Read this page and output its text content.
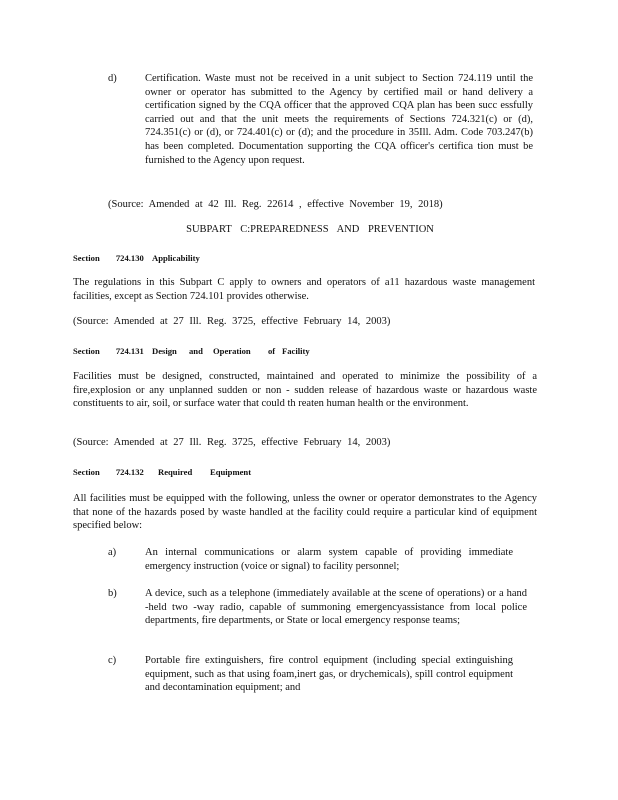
d)	Certification. Waste must not be received in a unit subject to Section 724.119 until the owner or operator has submitted to the Agency by certified mail or hand delivery a certification signed by the CQA officer that the approved CQA plan has been succ essfully carried out and that the unit meets the requirements of Sections 724.321(c) or (d), 724.351(c) or (d), or 724.401(c) or (d); and the procedure in 35Ill. Adm. Code 703.247(b) has been completed. Documentation supporting the CQA officer's certifica tion must be furnished to the Agency upon request.

(Source: Amended at 42 Ill. Reg. 22614 , effective November 19, 2018)

SUBPART C:PREPAREDNESS AND PREVENTION

Section 724.130 Applicability

The regulations in this Subpart C apply to owners and operators of a11 hazardous waste management facilities, except as Section 724.101 provides otherwise.

(Source: Amended at 27 Ill. Reg. 3725, effective February 14, 2003)

Section 724.131 Design and Operation of Facility

Facilities must be designed, constructed, maintained and operated to minimize the possibility of a fire,explosion or any unplanned sudden or non - sudden release of hazardous waste or hazardous waste constituents to air, soil, or surface water that could th reaten human health or the environment.

(Source: Amended at 27 Ill. Reg. 3725, effective February 14, 2003)

Section 724.132 Required Equipment

All facilities must be equipped with the following, unless the owner or operator demonstrates to the Agency that none of the hazards posed by waste handled at the facility could require a particular kind of equipment specified below:

a)	An internal communications or alarm system capable of providing immediate emergency instruction (voice or signal) to facility personnel;

b)	A device, such as a telephone (immediately available at the scene of operations) or a hand -held two -way radio, capable of summoning emergencyassistance from local police departments, fire departments, or State or local emergency response teams;

c)	Portable fire extinguishers, fire control equipment (including special extinguishing equipment, such as that using foam,inert gas, or drychemicals), spill control equipment and decontamination equipment; and
